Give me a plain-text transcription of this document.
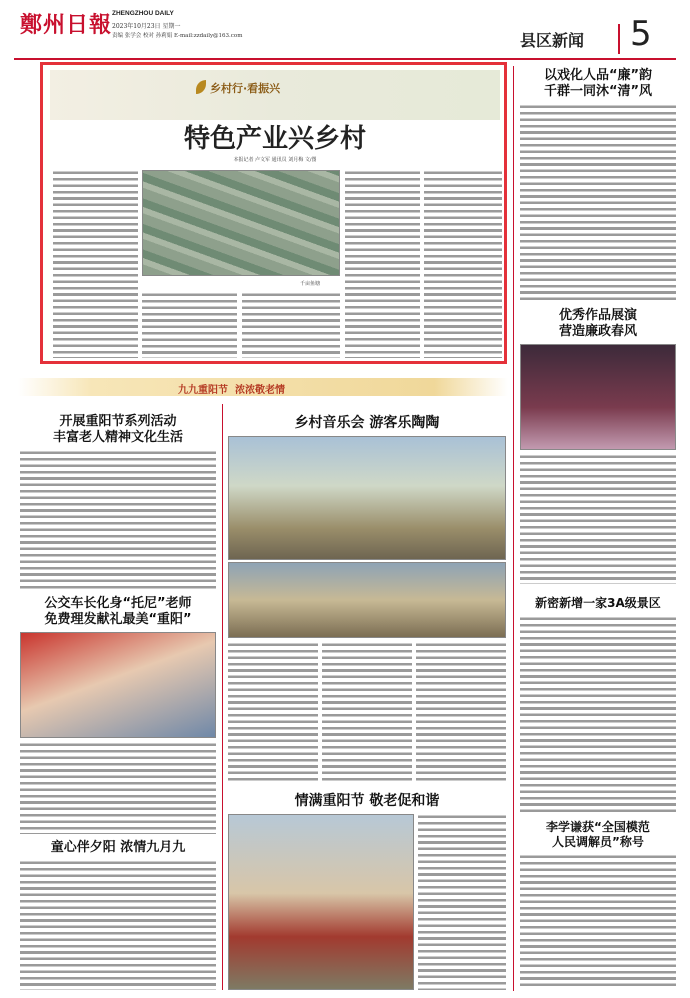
鄭州日報 ZHENGZHOU DAILY
2023年10月23日 星期一
责编 张学会 校对 孙莉娟 E-mail:zzdaily@163.com	县区新闻 5
乡村行·看振兴
特色产业兴乡村
本报记者 卢文军 通讯员 刘月梅 文/图
千亩鱼塘
以戏化人品“廉”韵
千群一同沐“清”风
优秀作品展演
营造廉政春风
新密新增一家3A级景区
李学谦获“全国模范
人民调解员”称号
九九重阳节  浓浓敬老情
开展重阳节系列活动
丰富老人精神文化生活
公交车长化身“托尼”老师
免费理发献礼最美“重阳”
童心伴夕阳 浓情九月九
乡村音乐会 游客乐陶陶
情满重阳节 敬老促和谐
